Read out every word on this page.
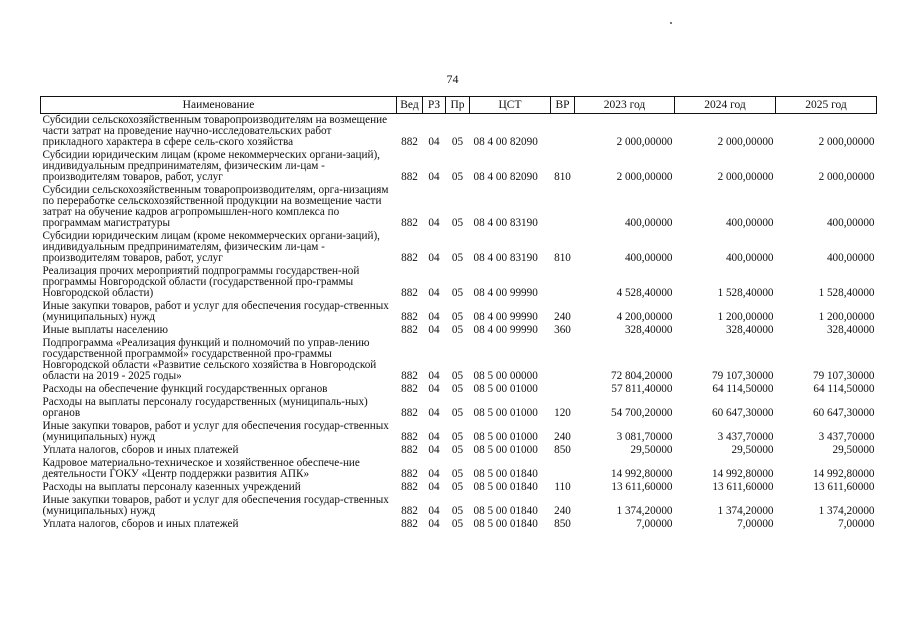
74
Наименование	Вед	РЗ	Пр	ЦСТ	ВР	2023 год	2024 год	2025 год
Субсидии сельскохозяйственным товаропроизводителям на возмещение части затрат на проведение научно-исследовательских работ прикладного характера в сфере сель-ского хозяйства	882	04	05	08 4 00 82090		2 000,00000	2 000,00000	2 000,00000
Субсидии юридическим лицам (кроме некоммерческих органи-заций), индивидуальным предпринимателям, физическим ли-цам - производителям товаров, работ, услуг	882	04	05	08 4 00 82090	810	2 000,00000	2 000,00000	2 000,00000
Субсидии сельскохозяйственным товаропроизводителям, орга-низациям по переработке сельскохозяйственной продукции на возмещение части затрат на обучение кадров агропромышлен-ного комплекса по программам магистратуры	882	04	05	08 4 00 83190		400,00000	400,00000	400,00000
Субсидии юридическим лицам (кроме некоммерческих органи-заций), индивидуальным предпринимателям, физическим ли-цам - производителям товаров, работ, услуг	882	04	05	08 4 00 83190	810	400,00000	400,00000	400,00000
Реализация прочих мероприятий подпрограммы государствен-ной программы Новгородской области (государственной про-граммы Новгородской области)	882	04	05	08 4 00 99990		4 528,40000	1 528,40000	1 528,40000
Иные закупки товаров, работ и услуг для обеспечения государ-ственных (муниципальных) нужд	882	04	05	08 4 00 99990	240	4 200,00000	1 200,00000	1 200,00000
Иные выплаты населению	882	04	05	08 4 00 99990	360	328,40000	328,40000	328,40000
Подпрограмма «Реализация функций и полномочий по управ-лению государственной программой» государственной про-граммы Новгородской области «Развитие сельского хозяйства в Новгородской области на 2019 - 2025 годы»	882	04	05	08 5 00 00000		72 804,20000	79 107,30000	79 107,30000
Расходы на обеспечение функций государственных органов	882	04	05	08 5 00 01000		57 811,40000	64 114,50000	64 114,50000
Расходы на выплаты персоналу государственных (муниципаль-ных) органов	882	04	05	08 5 00 01000	120	54 700,20000	60 647,30000	60 647,30000
Иные закупки товаров, работ и услуг для обеспечения государ-ственных (муниципальных) нужд	882	04	05	08 5 00 01000	240	3 081,70000	3 437,70000	3 437,70000
Уплата налогов, сборов и иных платежей	882	04	05	08 5 00 01000	850	29,50000	29,50000	29,50000
Кадровое материально-техническое и хозяйственное обеспече-ние деятельности ГОКУ «Центр поддержки развития АПК»	882	04	05	08 5 00 01840		14 992,80000	14 992,80000	14 992,80000
Расходы на выплаты персоналу казенных учреждений	882	04	05	08 5 00 01840	110	13 611,60000	13 611,60000	13 611,60000
Иные закупки товаров, работ и услуг для обеспечения государ-ственных (муниципальных) нужд	882	04	05	08 5 00 01840	240	1 374,20000	1 374,20000	1 374,20000
Уплата налогов, сборов и иных платежей	882	04	05	08 5 00 01840	850	7,00000	7,00000	7,00000
